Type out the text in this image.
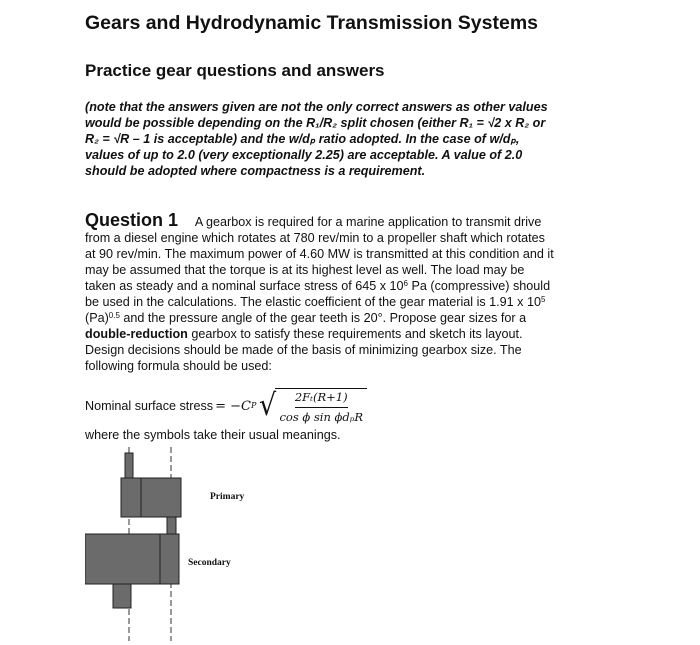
Gears and Hydrodynamic Transmission Systems
Practice gear questions and answers
(note that the answers given are not the only correct answers as other values
would be possible depending on the R₁/R₂ split chosen (either R₁ = √2 x R₂ or
R₂ = √R – 1 is acceptable) and the w/dₚ ratio adopted. In the case of w/dₚ,
values of up to 2.0 (very exceptionally 2.25) are acceptable. A value of 2.0
should be adopted where compactness is a requirement.
Question 1 A gearbox is required for a marine application to transmit drive
from a diesel engine which rotates at 780 rev/min to a propeller shaft which rotates
at 90 rev/min. The maximum power of 4.60 MW is transmitted at this condition and it
may be assumed that the torque is at its highest level as well. The load may be
taken as steady and a nominal surface stress of 645 x $10^6$ Pa (compressive) should
be used in the calculations. The elastic coefficient of the gear material is 1.91 x $10^5$
$(Pa)^{0.5}$ and the pressure angle of the gear teeth is 20°. Propose gear sizes for a
double-reduction gearbox to satisfy these requirements and sketch its layout.
Design decisions should be made of the basis of minimizing gearbox size. The
following formula should be used:
Nominal surface stress = −C P √
$\frac{\text{2Fₜ(R+1)}}{\text{cos ϕ sin ϕdₚR}}$
where the symbols take their usual meanings.
Primary
Secondary
